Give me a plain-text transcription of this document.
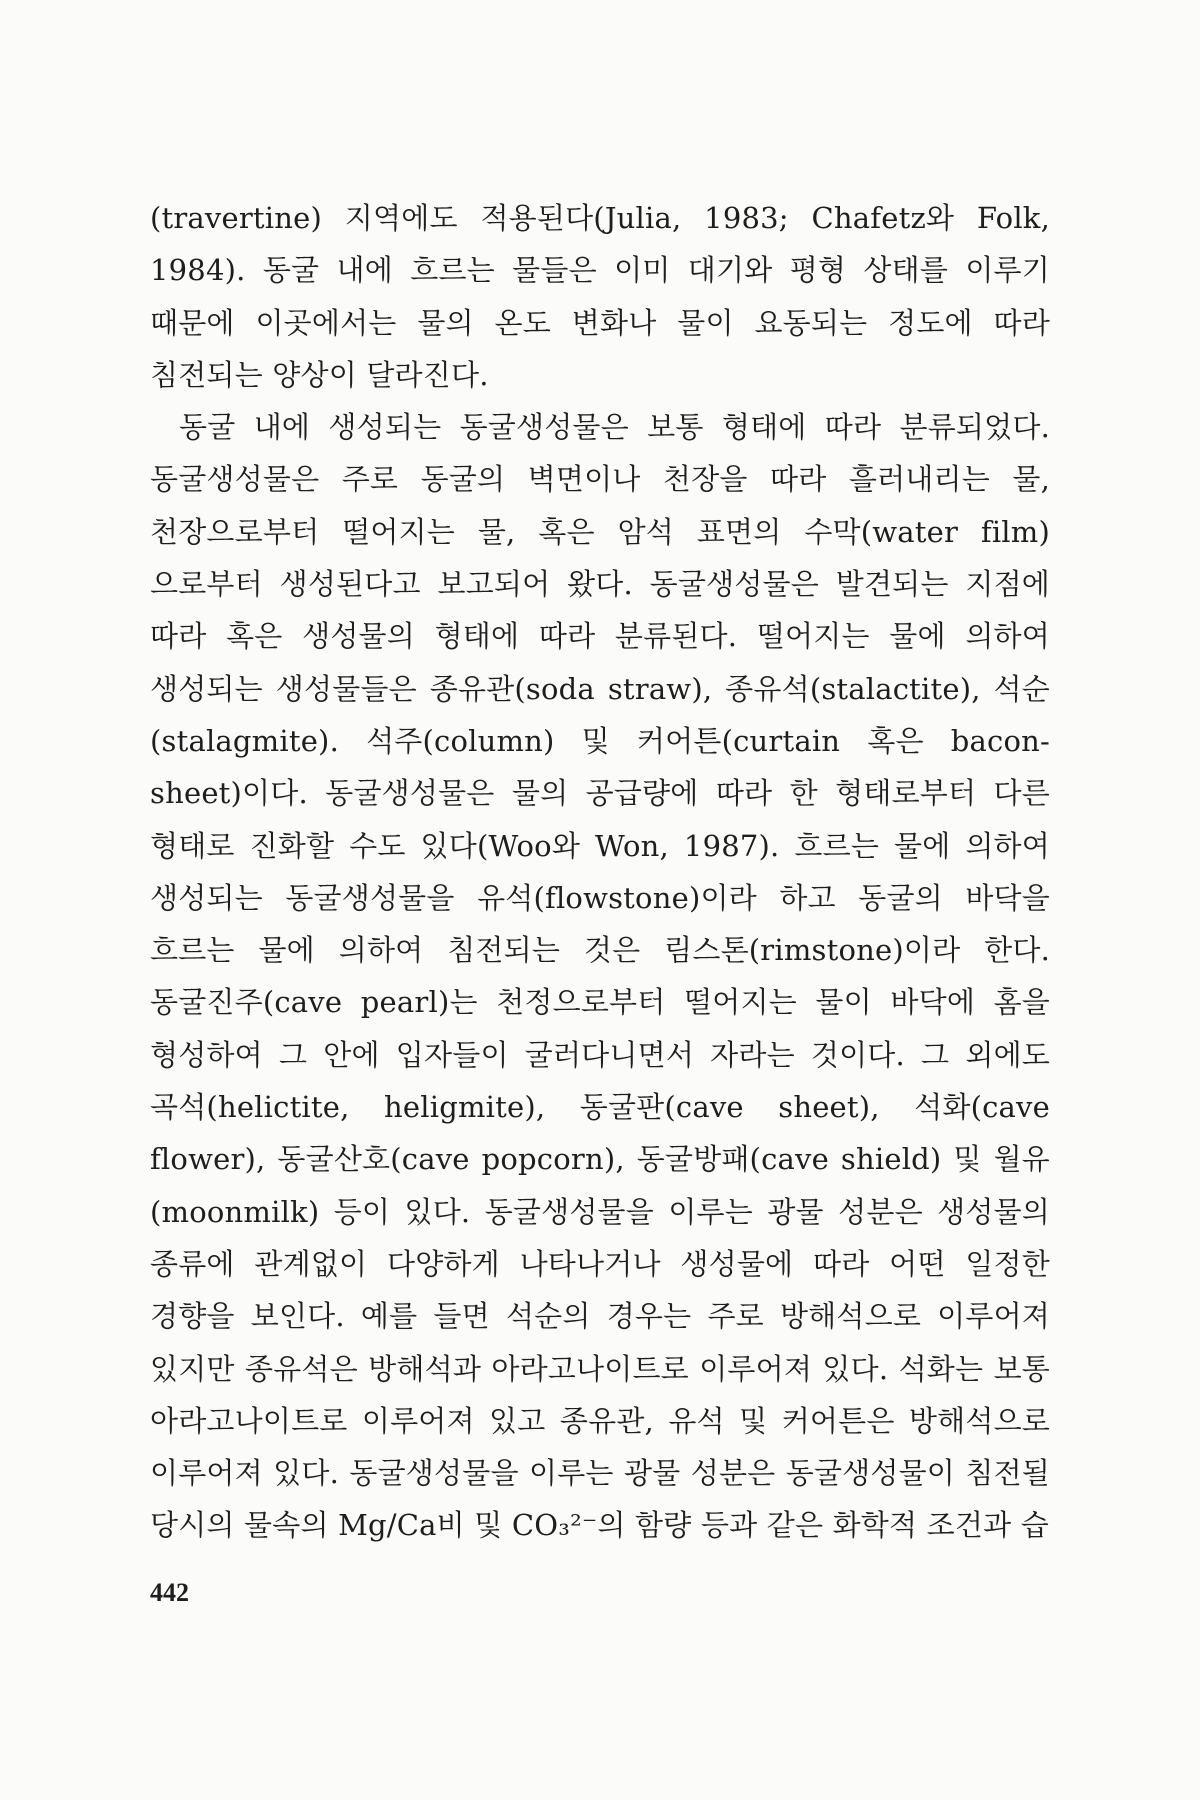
(travertine) 지역에도 적용된다(Julia, 1983; Chafetz와 Folk, 1984). 동굴 내에 흐르는 물들은 이미 대기와 평형 상태를 이루기 때문에 이곳에서는 물의 온도 변화나 물이 요동되는 정도에 따라 침전되는 양상이 달라진다.

동굴 내에 생성되는 동굴생성물은 보통 형태에 따라 분류되었다. 동굴생성물은 주로 동굴의 벽면이나 천장을 따라 흘러내리는 물, 천장으로부터 떨어지는 물, 혹은 암석 표면의 수막(water film)으로부터 생성된다고 보고되어 왔다. 동굴생성물은 발견되는 지점에 따라 혹은 생성물의 형태에 따라 분류된다. 떨어지는 물에 의하여 생성되는 생성물들은 종유관(soda straw), 종유석(stalactite), 석순(stalagmite). 석주(column) 및 커어튼(curtain 혹은 bacon-sheet)이다. 동굴생성물은 물의 공급량에 따라 한 형태로부터 다른 형태로 진화할 수도 있다(Woo와 Won, 1987). 흐르는 물에 의하여 생성되는 동굴생성물을 유석(flowstone)이라 하고 동굴의 바닥을 흐르는 물에 의하여 침전되는 것은 림스톤(rimstone)이라 한다. 동굴진주(cave pearl)는 천정으로부터 떨어지는 물이 바닥에 홈을 형성하여 그 안에 입자들이 굴러다니면서 자라는 것이다. 그 외에도 곡석(helictite, heligmite), 동굴판(cave sheet), 석화(cave flower), 동굴산호(cave popcorn), 동굴방패(cave shield) 및 월유(moonmilk) 등이 있다. 동굴생성물을 이루는 광물 성분은 생성물의 종류에 관계없이 다양하게 나타나거나 생성물에 따라 어떤 일정한 경향을 보인다. 예를 들면 석순의 경우는 주로 방해석으로 이루어져 있지만 종유석은 방해석과 아라고나이트로 이루어져 있다. 석화는 보통 아라고나이트로 이루어져 있고 종유관, 유석 및 커어튼은 방해석으로 이루어져 있다. 동굴생성물을 이루는 광물 성분은 동굴생성물이 침전될 당시의 물속의 Mg/Ca비 및 CO₃²⁻의 함량 등과 같은 화학적 조건과 습

442
